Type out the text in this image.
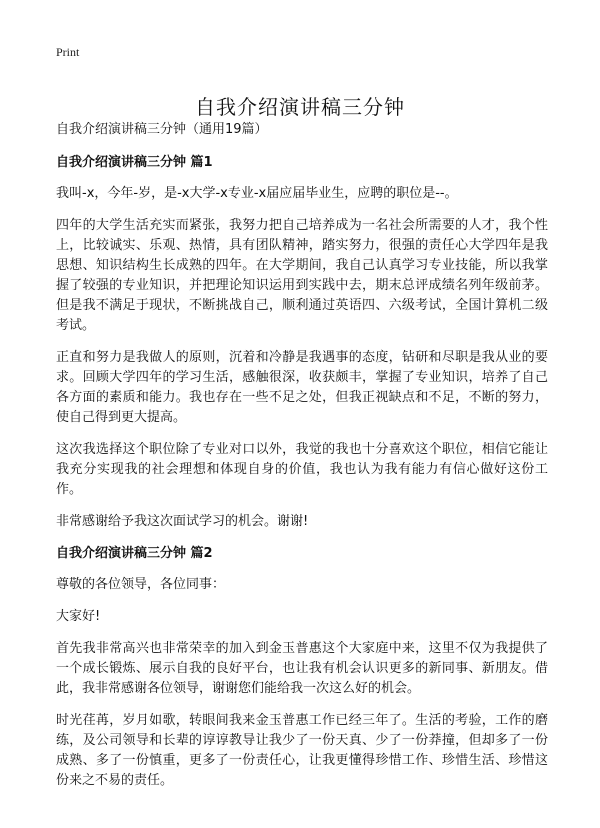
Print
自我介绍演讲稿三分钟
自我介绍演讲稿三分钟（通用19篇）
自我介绍演讲稿三分钟 篇1

我叫-x，今年-岁，是-x大学-x专业-x届应届毕业生，应聘的职位是--。

四年的大学生活充实而紧张，我努力把自己培养成为一名社会所需要的人才，我个性上，比较诚实、乐观、热情，具有团队精神，踏实努力，很强的责任心大学四年是我思想、知识结构生长成熟的四年。在大学期间，我自己认真学习专业技能，所以我掌握了较强的专业知识，并把理论知识运用到实践中去，期末总评成绩名列年级前茅。但是我不满足于现状，不断挑战自己，顺利通过英语四、六级考试，全国计算机二级考试。

正直和努力是我做人的原则，沉着和冷静是我遇事的态度，钻研和尽职是我从业的要求。回顾大学四年的学习生活，感触很深，收获颇丰，掌握了专业知识，培养了自己各方面的素质和能力。我也存在一些不足之处，但我正视缺点和不足，不断的努力，使自己得到更大提高。

这次我选择这个职位除了专业对口以外，我觉的我也十分喜欢这个职位，相信它能让我充分实现我的社会理想和体现自身的价值，我也认为我有能力有信心做好这份工作。

非常感谢给予我这次面试学习的机会。谢谢!

自我介绍演讲稿三分钟 篇2

尊敬的各位领导，各位同事：

大家好!

首先我非常高兴也非常荣幸的加入到金玉普惠这个大家庭中来，这里不仅为我提供了一个成长锻炼、展示自我的良好平台，也让我有机会认识更多的新同事、新朋友。借此，我非常感谢各位领导，谢谢您们能给我一次这么好的机会。

时光荏苒，岁月如歌，转眼间我来金玉普惠工作已经三年了。生活的考验，工作的磨练，及公司领导和长辈的谆谆教导让我少了一份天真、少了一份莽撞，但却多了一份成熟、多了一份慎重，更多了一份责任心，让我更懂得珍惜工作、珍惜生活、珍惜这份来之不易的责任。
